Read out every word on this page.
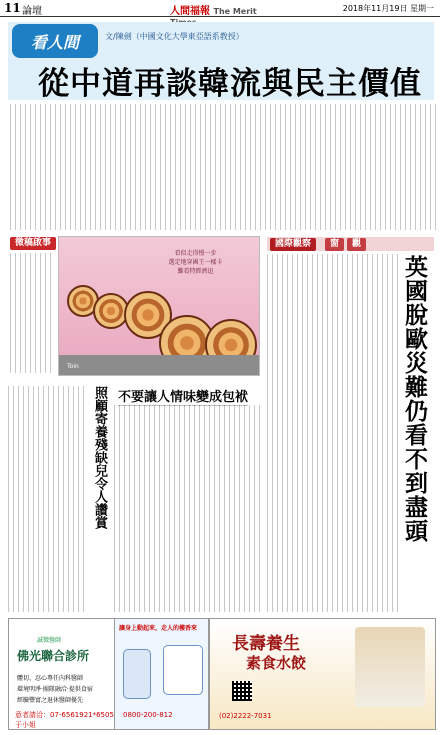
11 論壇	人間福報 The Merit	2018年11月19日 星期一
看人間	文/陳劍（中國文化大學東亞語系教授）
從中道再談韓流與民主價值
微稿啟事
Toin
看似走得慢一步
選定地穿國王一樣卡
難看特經濟迅
國際觀察	窗	觀
英國脫歐災難仍看不到盡頭
不要讓人情味變成包袱
照顧寄養殘缺兒令人讚賞
誠徵醫師
佛光聯合診所
體切、忍心專任內科醫師
環境明淨‧團隊融洽‧提供食宿
經驗豐富之退休醫師優先
意者請洽：07-6561921*6505 于小姐
讓身上動起來，走人的樓香來
0800-200-812
長壽養生
素食水餃
(02)2222-7031
